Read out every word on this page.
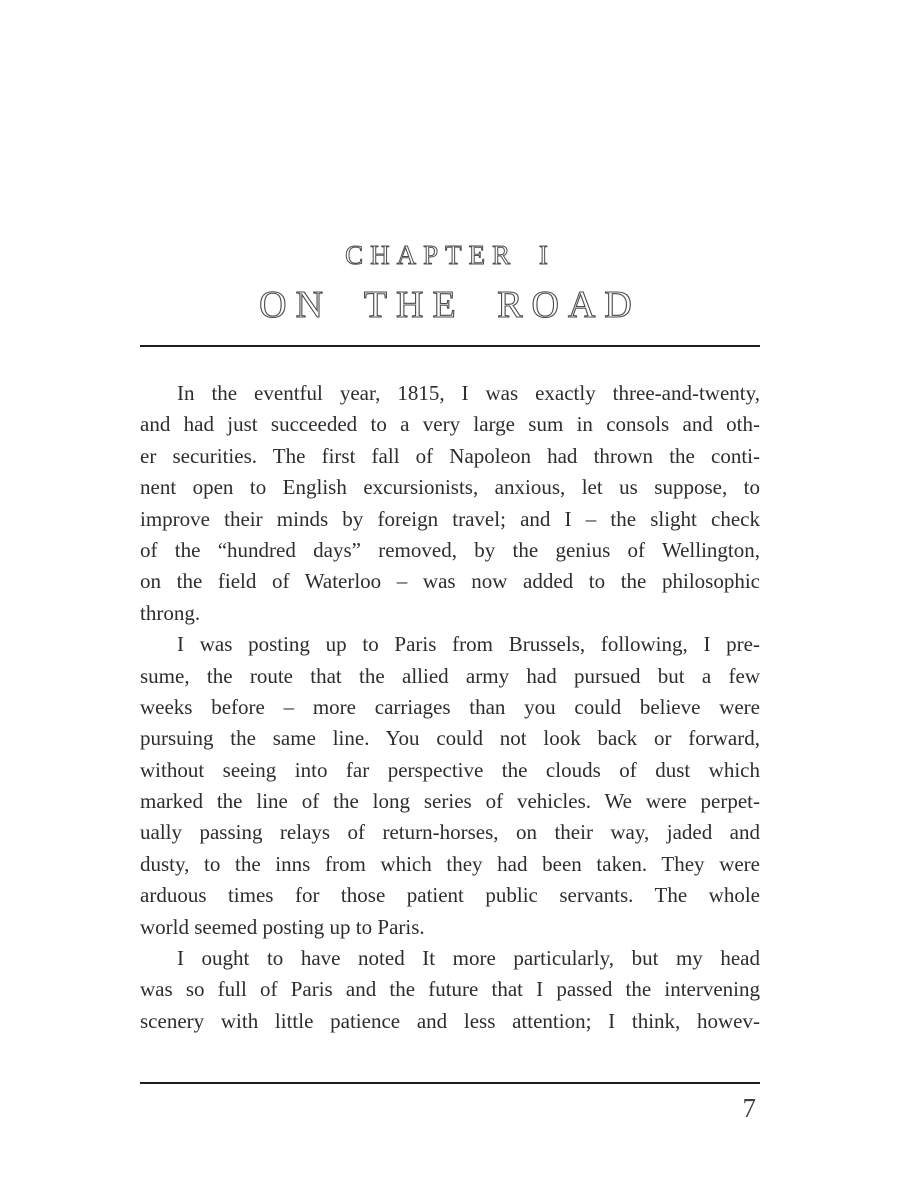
CHAPTER I
ON THE ROAD
In the eventful year, 1815, I was exactly three-and-twenty,
and had just succeeded to a very large sum in consols and oth-
er securities. The first fall of Napoleon had thrown the conti-
nent open to English excursionists, anxious, let us suppose, to
improve their minds by foreign travel; and I – the slight check
of the “hundred days” removed, by the genius of Wellington,
on the field of Waterloo – was now added to the philosophic
throng.
I was posting up to Paris from Brussels, following, I pre-
sume, the route that the allied army had pursued but a few
weeks before – more carriages than you could believe were
pursuing the same line. You could not look back or forward,
without seeing into far perspective the clouds of dust which
marked the line of the long series of vehicles. We were perpet-
ually passing relays of return-horses, on their way, jaded and
dusty, to the inns from which they had been taken. They were
arduous times for those patient public servants. The whole
world seemed posting up to Paris.
I ought to have noted It more particularly, but my head
was so full of Paris and the future that I passed the intervening
scenery with little patience and less attention; I think, howev-
7
